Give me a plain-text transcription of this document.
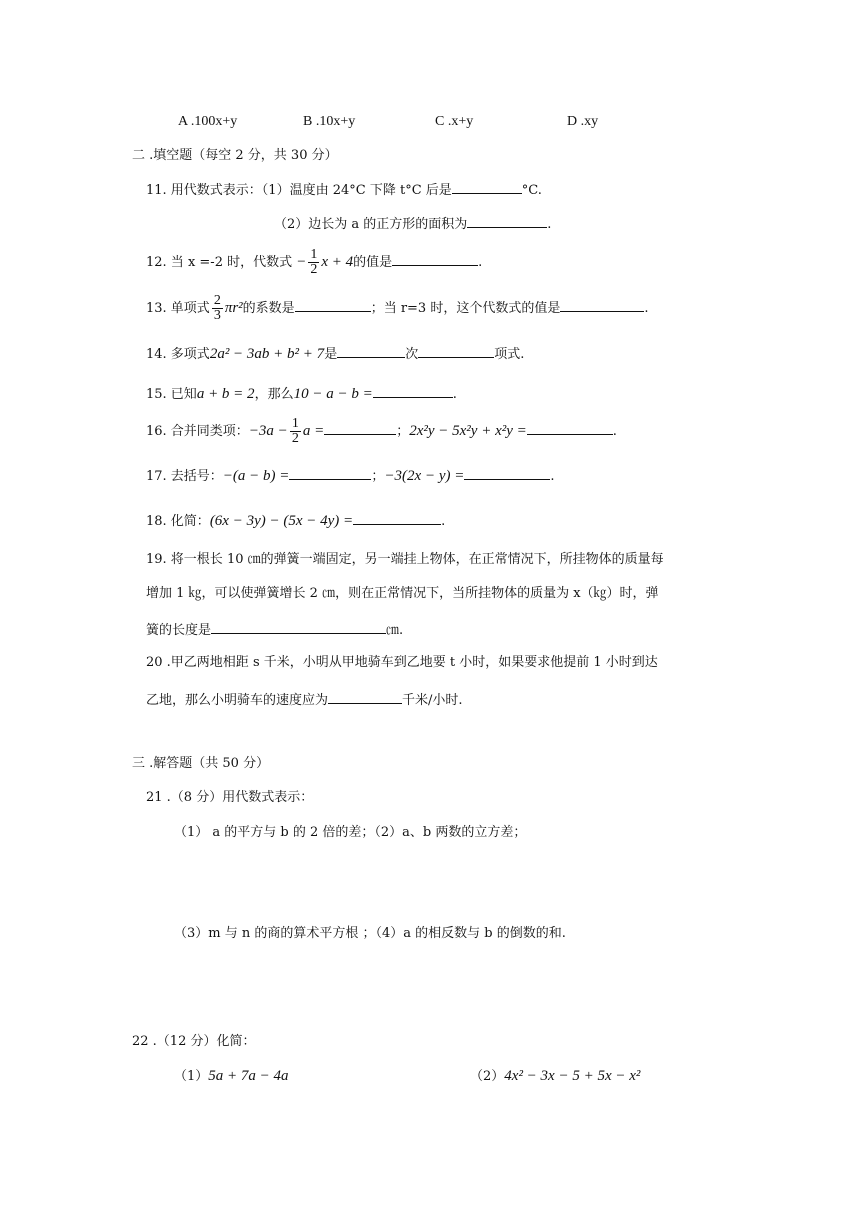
A .100x+y	B .10x+y	C .x+y	D .xy
二 .填空题（每空 2 分，共 30 分）
11. 用代数式表示：（1）温度由 24°C 下降 t°C 后是	°C.
（2）边长为 a 的正方形的面积为	.
12. 当 x =-2 时，代数式 − $\frac{1}{2}$ x + 4的值是	.
13. 单项式 $\frac{2}{3} \pi r^2$的系数是	；当 r=3 时，这个代数式的值是	.
14. 多项式2a² − 3ab + b² + 7是	次	项式.
15. 已知a + b = 2，那么10 − a − b =	.
16. 合并同类项：$-3a - \frac{1}{2}$ a =	；2x²y − 5x²y + x²y =	.
17. 去括号：−(a − b) =	；−3(2x − y) =	.
18. 化简：(6x − 3y) − (5x − 4y) =	.
19. 将一根长 10 ㎝的弹簧一端固定，另一端挂上物体，在正常情况下，所挂物体的质量每
增加 1 ㎏，可以使弹簧增长 2 ㎝，则在正常情况下，当所挂物体的质量为 x（㎏）时，弹
簧的长度是	㎝.
20 .甲乙两地相距 s 千米，小明从甲地骑车到乙地要 t 小时，如果要求他提前 1 小时到达
乙地，那么小明骑车的速度应为	千米/小时.
三 .解答题（共 50 分）
21 .（8 分）用代数式表示：
（1） a 的平方与 b 的 2 倍的差；（2）a、b 两数的立方差；
（3）m 与 n 的商的算术平方根 ；（4）a 的相反数与 b 的倒数的和.
22 .（12 分）化简：
（1）5a + 7a − 4a	（2）4x² − 3x − 5 + 5x − x²
